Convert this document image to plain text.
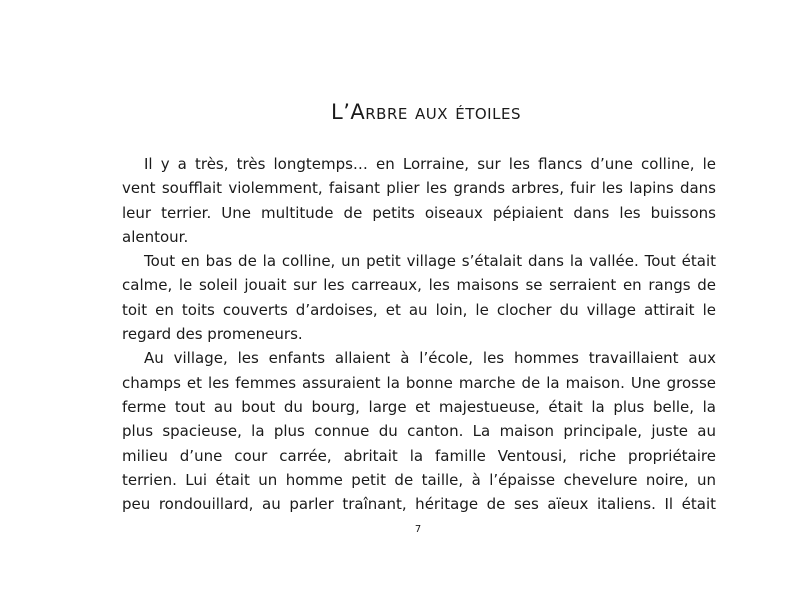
L’Arbre aux étoiles
Il y a très, très longtemps… en Lorraine, sur les flancs d’une colline, le
vent soufflait violemment, faisant plier les grands arbres, fuir les lapins dans
leur terrier. Une multitude de petits oiseaux pépiaient dans les buissons
alentour.
Tout en bas de la colline, un petit village s’étalait dans la vallée. Tout était
calme, le soleil jouait sur les carreaux, les maisons se serraient en rangs de
toit en toits couverts d’ardoises, et au loin, le clocher du village attirait le
regard des promeneurs.
Au village, les enfants allaient à l’école, les hommes travaillaient aux
champs et les femmes assuraient la bonne marche de la maison. Une grosse
ferme tout au bout du bourg, large et majestueuse, était la plus belle, la
plus spacieuse, la plus connue du canton. La maison principale, juste au
milieu d’une cour carrée, abritait la famille Ventousi, riche propriétaire
terrien. Lui était un homme petit de taille, à l’épaisse chevelure noire, un
peu rondouillard, au parler traînant, héritage de ses aïeux italiens. Il était
7
